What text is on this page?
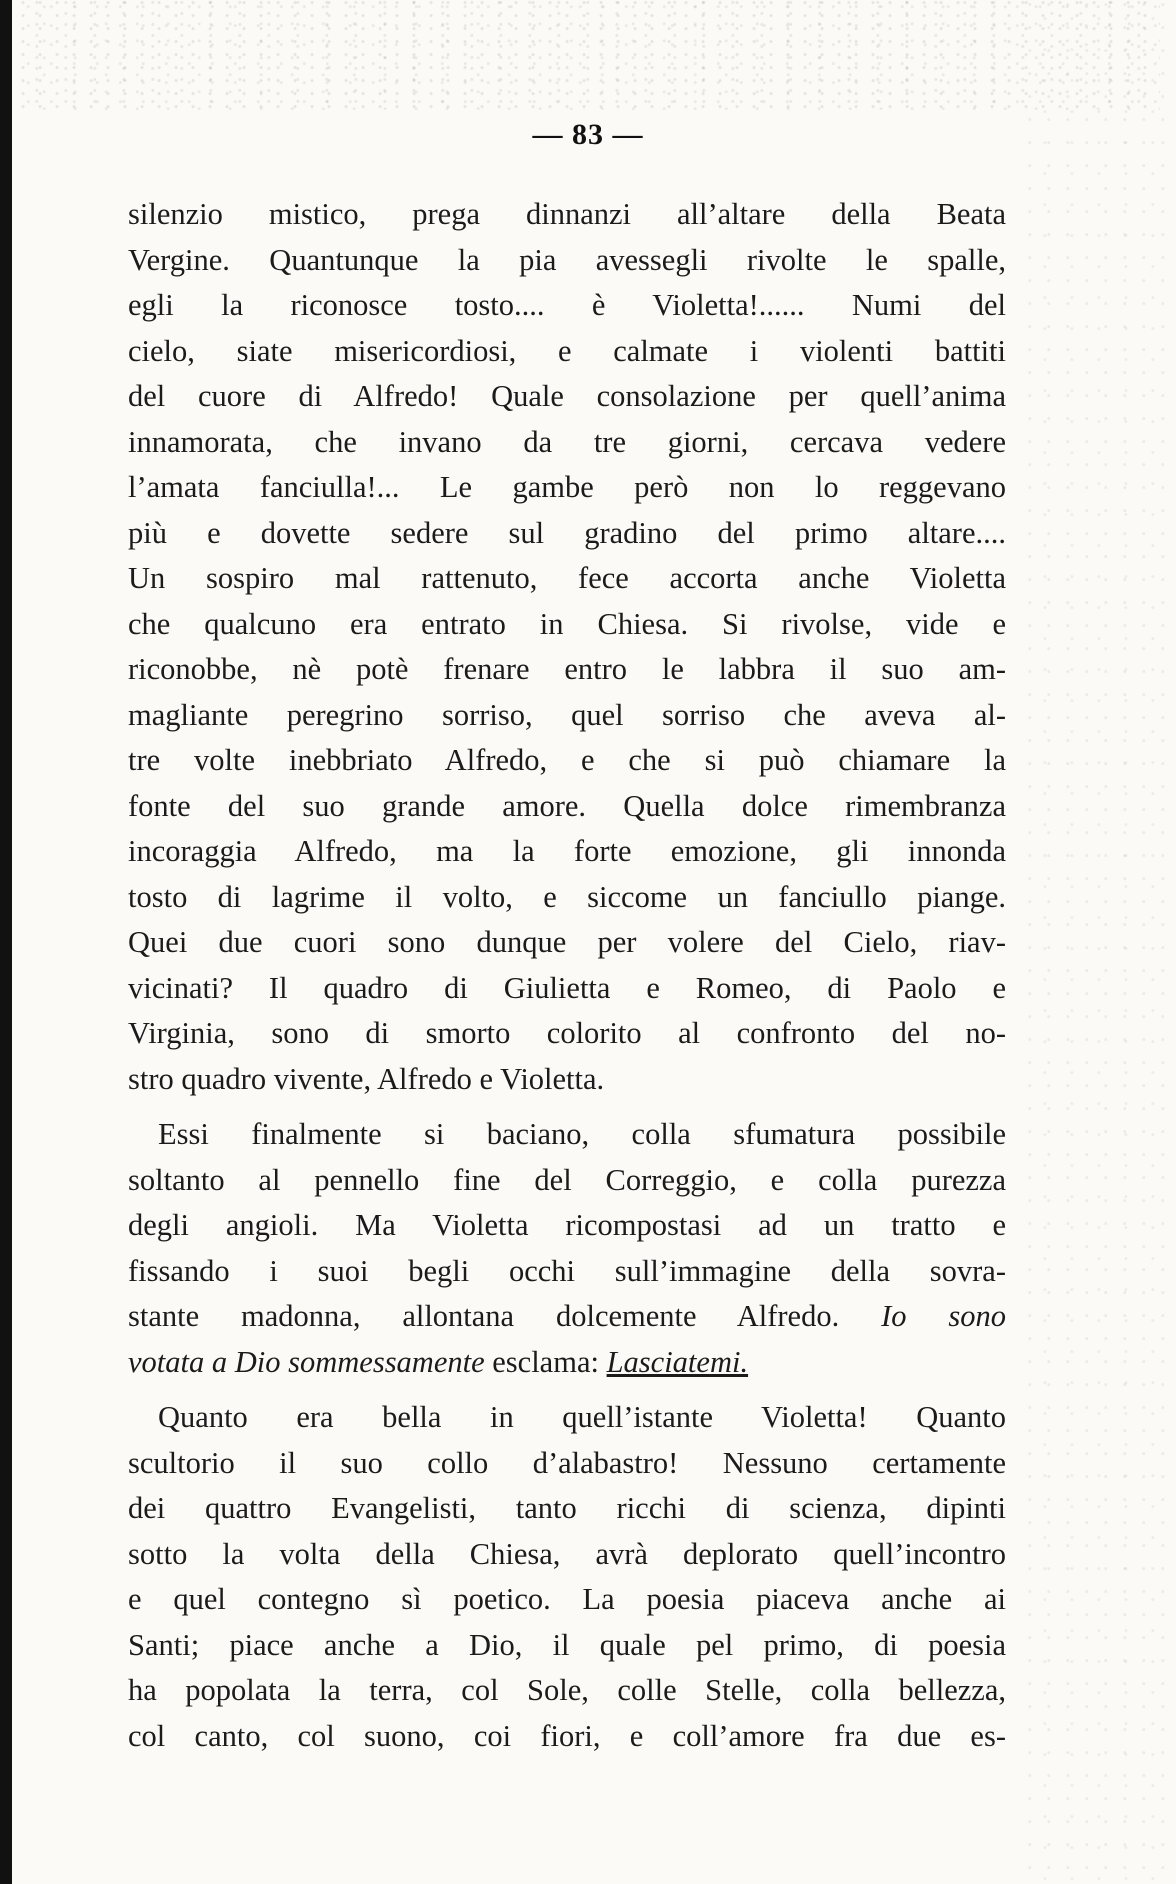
— 83 —
silenzio mistico, prega dinnanzi all’altare della Beata
Vergine. Quantunque la pia avessegli rivolte le spalle,
egli la riconosce tosto.... è Violetta!...... Numi del
cielo, siate misericordiosi, e calmate i violenti battiti
del cuore di Alfredo! Quale consolazione per quell’anima
innamorata, che invano da tre giorni, cercava vedere
l’amata fanciulla!... Le gambe però non lo reggevano
più e dovette sedere sul gradino del primo altare....
Un sospiro mal rattenuto, fece accorta anche Violetta
che qualcuno era entrato in Chiesa. Si rivolse, vide e
riconobbe, nè potè frenare entro le labbra il suo am-
magliante peregrino sorriso, quel sorriso che aveva al-
tre volte inebbriato Alfredo, e che si può chiamare la
fonte del suo grande amore. Quella dolce rimembranza
incoraggia Alfredo, ma la forte emozione, gli innonda
tosto di lagrime il volto, e siccome un fanciullo piange.
Quei due cuori sono dunque per volere del Cielo, riav-
vicinati? Il quadro di Giulietta e Romeo, di Paolo e
Virginia, sono di smorto colorito al confronto del no-
stro quadro vivente, Alfredo e Violetta.
Essi finalmente si baciano, colla sfumatura possibile
soltanto al pennello fine del Correggio, e colla purezza
degli angioli. Ma Violetta ricompostasi ad un tratto e
fissando i suoi begli occhi sull’immagine della sovra-
stante madonna, allontana dolcemente Alfredo. Io sono
votata a Dio sommessamente esclama: Lasciatemi.
Quanto era bella in quell’istante Violetta! Quanto
scultorio il suo collo d’alabastro! Nessuno certamente
dei quattro Evangelisti, tanto ricchi di scienza, dipinti
sotto la volta della Chiesa, avrà deplorato quell’incontro
e quel contegno sì poetico. La poesia piaceva anche ai
Santi; piace anche a Dio, il quale pel primo, di poesia
ha popolata la terra, col Sole, colle Stelle, colla bellezza,
col canto, col suono, coi fiori, e coll’amore fra due es-
